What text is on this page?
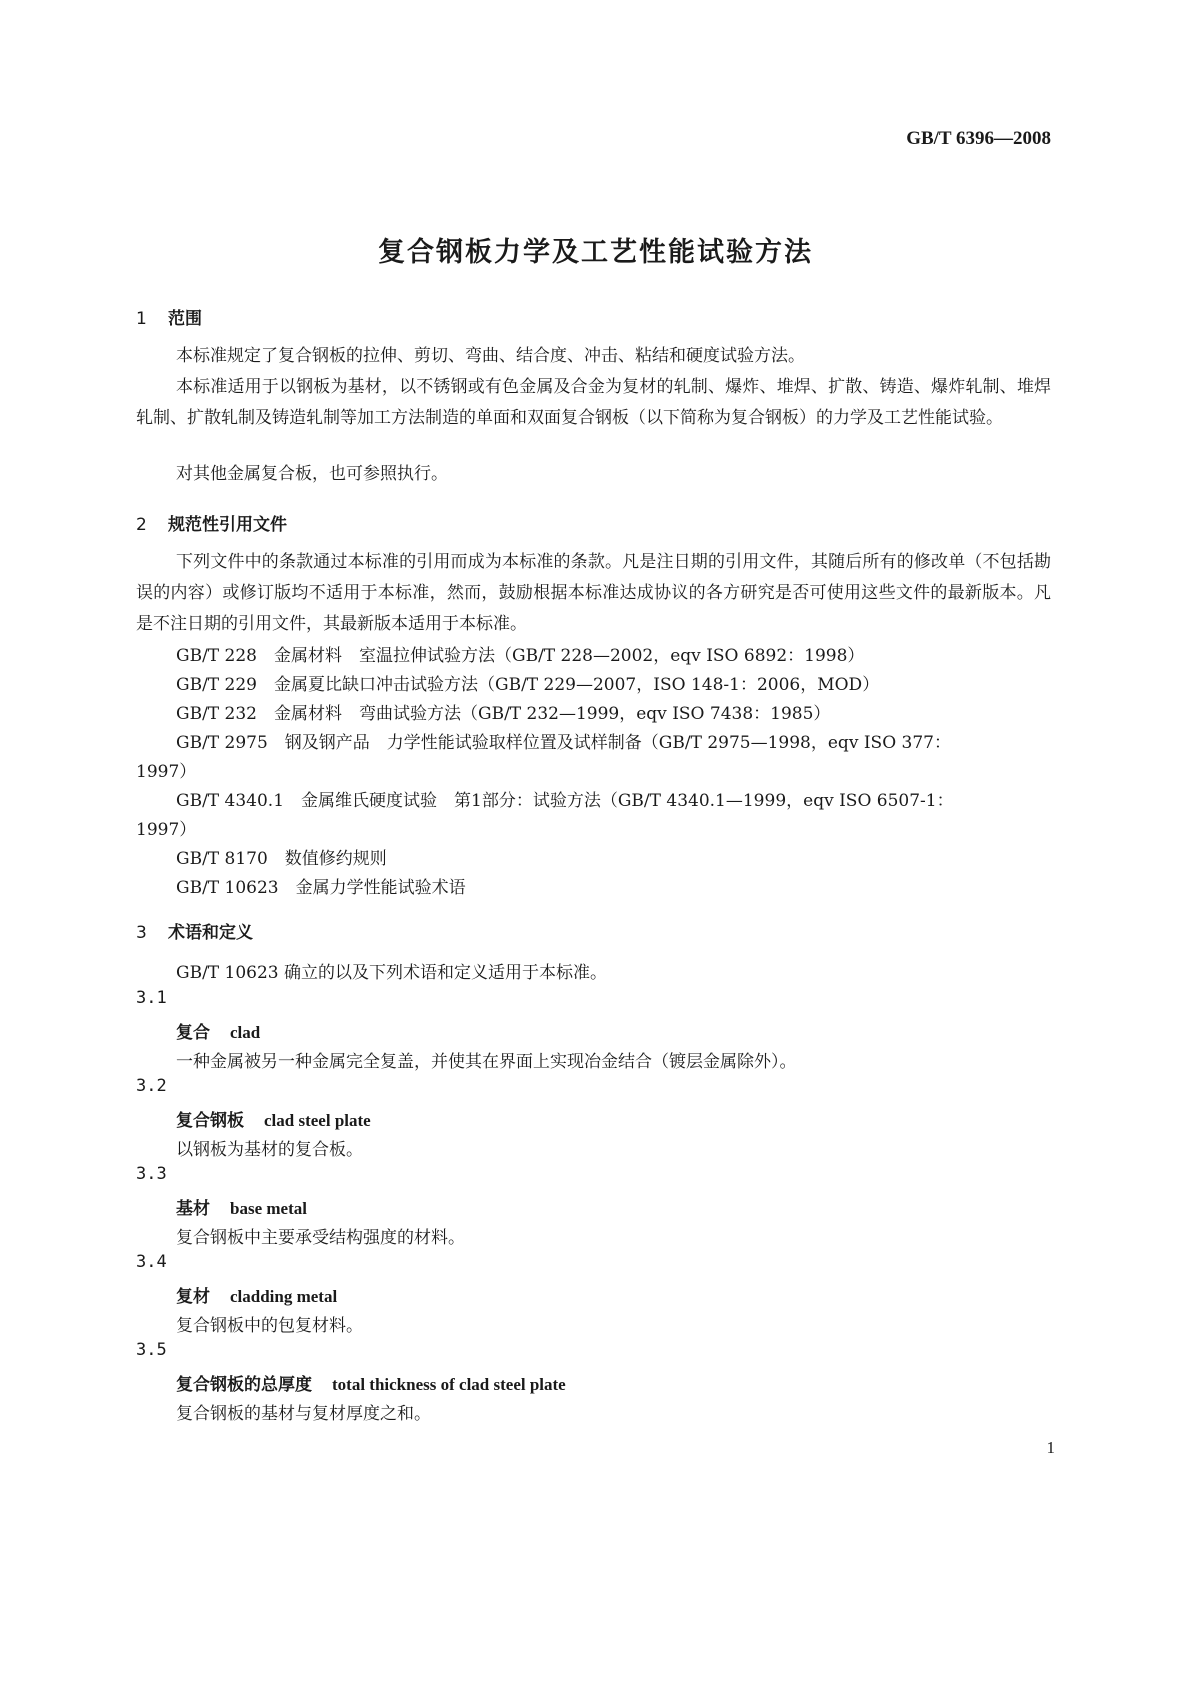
GB/T 6396—2008
复合钢板力学及工艺性能试验方法
1 范围
本标准规定了复合钢板的拉伸、剪切、弯曲、结合度、冲击、粘结和硬度试验方法。
本标准适用于以钢板为基材，以不锈钢或有色金属及合金为复材的轧制、爆炸、堆焊、扩散、铸造、爆炸轧制、堆焊轧制、扩散轧制及铸造轧制等加工方法制造的单面和双面复合钢板（以下简称为复合钢板）的力学及工艺性能试验。
对其他金属复合板，也可参照执行。
2 规范性引用文件
下列文件中的条款通过本标准的引用而成为本标准的条款。凡是注日期的引用文件，其随后所有的修改单（不包括勘误的内容）或修订版均不适用于本标准，然而，鼓励根据本标准达成协议的各方研究是否可使用这些文件的最新版本。凡是不注日期的引用文件，其最新版本适用于本标准。
GB/T 228　金属材料　室温拉伸试验方法（GB/T 228—2002，eqv ISO 6892：1998）
GB/T 229　金属夏比缺口冲击试验方法（GB/T 229—2007，ISO 148-1：2006，MOD）
GB/T 232　金属材料　弯曲试验方法（GB/T 232—1999，eqv ISO 7438：1985）
GB/T 2975　钢及钢产品　力学性能试验取样位置及试样制备（GB/T 2975—1998，eqv ISO 377：
1997）
GB/T 4340.1　金属维氏硬度试验　第1部分：试验方法（GB/T 4340.1—1999，eqv ISO 6507-1：
1997）
GB/T 8170　数值修约规则
GB/T 10623　金属力学性能试验术语
3 术语和定义
GB/T 10623 确立的以及下列术语和定义适用于本标准。
3.1
复合 clad
一种金属被另一种金属完全复盖，并使其在界面上实现冶金结合（镀层金属除外）。
3.2
复合钢板 clad steel plate
以钢板为基材的复合板。
3.3
基材 base metal
复合钢板中主要承受结构强度的材料。
3.4
复材 cladding metal
复合钢板中的包复材料。
3.5
复合钢板的总厚度 total thickness of clad steel plate
复合钢板的基材与复材厚度之和。
1
